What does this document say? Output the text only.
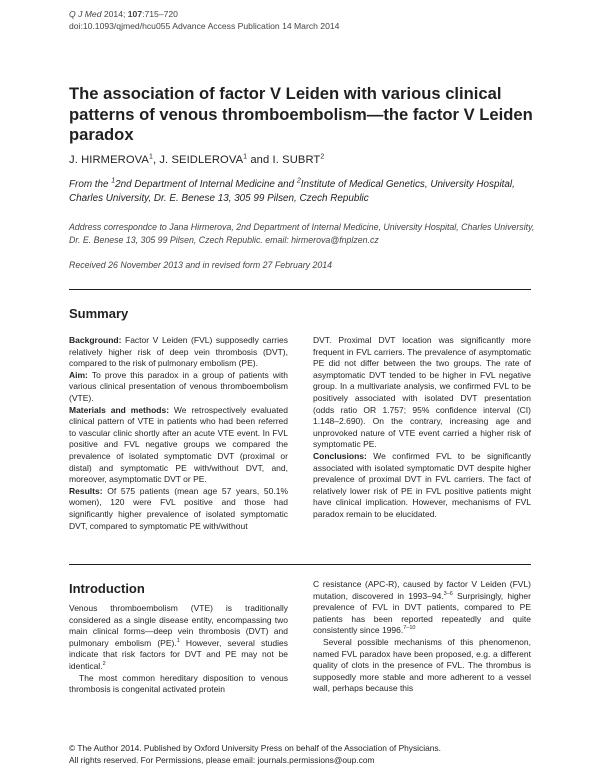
Q J Med 2014; 107:715–720
doi:10.1093/qjmed/hcu055 Advance Access Publication 14 March 2014
The association of factor V Leiden with various clinical patterns of venous thromboembolism—the factor V Leiden paradox
J. HIRMEROVA$^1$, J. SEIDLEROVA$^1$ and I. SUBRT$^2$
From the $^1$2nd Department of Internal Medicine and $^2$Institute of Medical Genetics, University Hospital, Charles University, Dr. E. Benese 13, 305 99 Pilsen, Czech Republic
Address correspondce to Jana Hirmerova, 2nd Department of Internal Medicine, University Hospital, Charles University, Dr. E. Benese 13, 305 99 Pilsen, Czech Republic. email: hirmerova@fnplzen.cz
Received 26 November 2013 and in revised form 27 February 2014
Summary

Background: Factor V Leiden (FVL) supposedly carries relatively higher risk of deep vein thrombosis (DVT), compared to the risk of pulmonary embolism (PE).

Aim: To prove this paradox in a group of patients with various clinical presentation of venous thromboembolism (VTE).

Materials and methods: We retrospectively evaluated clinical pattern of VTE in patients who had been referred to vascular clinic shortly after an acute VTE event. In FVL positive and FVL negative groups we compared the prevalence of isolated symptomatic DVT (proximal or distal) and symptomatic PE with/without DVT, and, moreover, asymptomatic DVT or PE.

Results: Of 575 patients (mean age 57 years, 50.1% women), 120 were FVL positive and those had significantly higher prevalence of isolated symptomatic DVT, compared to symptomatic PE with/without

DVT. Proximal DVT location was significantly more frequent in FVL carriers. The prevalence of asymptomatic PE did not differ between the two groups. The rate of asymptomatic DVT tended to be higher in FVL negative group. In a multivariate analysis, we confirmed FVL to be positively associated with isolated DVT presentation (odds ratio OR 1.757; 95% confidence interval (CI) 1.148–2.690). On the contrary, increasing age and unprovoked nature of VTE event carried a higher risk of symptomatic PE.

Conclusions: We confirmed FVL to be significantly associated with isolated symptomatic DVT despite higher prevalence of proximal DVT in FVL carriers. The fact of relatively lower risk of PE in FVL positive patients might have clinical implication. However, mechanisms of FVL paradox remain to be elucidated.

Introduction

Venous thromboembolism (VTE) is traditionally considered as a single disease entity, encompassing two main clinical forms—deep vein thrombosis (DVT) and pulmonary embolism (PE).$^1$ However, several studies indicate that risk factors for DVT and PE may not be identical.$^2$

The most common hereditary disposition to venous thrombosis is congenital activated protein

C resistance (APC-R), caused by factor V Leiden (FVL) mutation, discovered in 1993–94.$^{3-6}$ Surprisingly, higher prevalence of FVL in DVT patients, compared to PE patients has been reported repeatedly and quite consistently since 1996.$^{7-10}$

Several possible mechanisms of this phenomenon, named FVL paradox have been proposed, e.g. a different quality of clots in the presence of FVL. The thrombus is supposedly more stable and more adherent to a vessel wall, perhaps because this

© The Author 2014. Published by Oxford University Press on behalf of the Association of Physicians.
All rights reserved. For Permissions, please email: journals.permissions@oup.com
